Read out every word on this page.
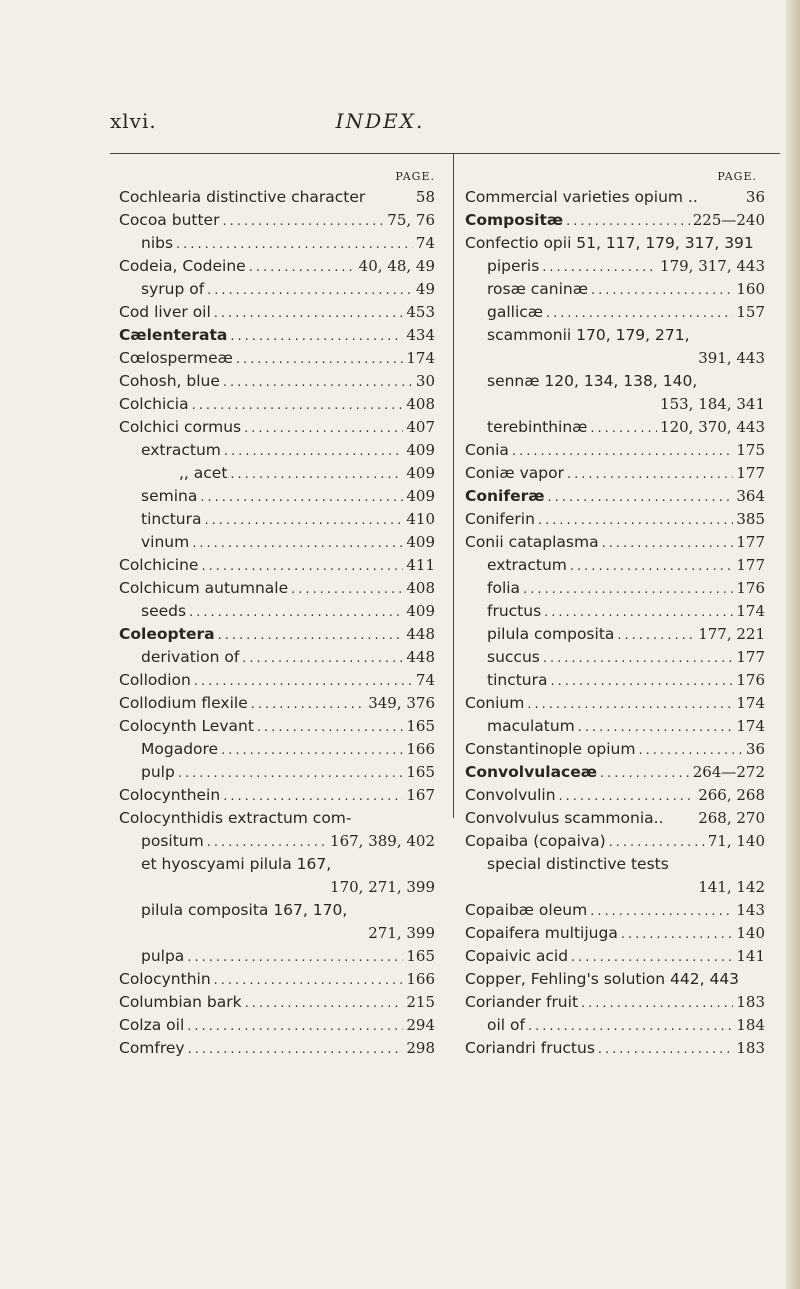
xlvi.	INDEX.
PAGE.
Cochlearia distinctive character	58
Cocoa butter .....	75, 76
nibs .....	74
Codeia, Codeine .....	40, 48, 49
syrup of .....	49
Cod liver oil .....	453
Cælenterata .....	434
Cœlospermeæ .....	174
Cohosh, blue .....	30
Colchicia .....	408
Colchici cormus .....	407
extractum .....	409
,, acet .....	409
semina .....	409
tinctura .....	410
vinum .....	409
Colchicine .....	411
Colchicum autumnale .....	408
seeds .....	409
Coleoptera .....	448
derivation of .....	448
Collodion .....	74
Collodium flexile .....	349, 376
Colocynth Levant .....	165
Mogadore .....	166
pulp .....	165
Colocynthein .....	167
Colocynthidis extractum com-
positum .....	167, 389, 402
et hyoscyami pilula 167,
170, 271, 399
pilula composita 167, 170,
271, 399
pulpa .....	165
Colocynthin .....	166
Columbian bark .....	215
Colza oil .....	294
Comfrey .....	298
PAGE.
Commercial varieties opium ..	36
Compositæ .....	225—240
Confectio opii 51, 117, 179, 317, 391
piperis .....	179, 317, 443
rosæ caninæ .....	160
gallicæ .....	157
scammonii 170, 179, 271,
391, 443
sennæ 120, 134, 138, 140,
153, 184, 341
terebinthinæ .....	120, 370, 443
Conia .....	175
Coniæ vapor .....	177
Coniferæ .....	364
Coniferin .....	385
Conii cataplasma .....	177
extractum .....	177
folia .....	176
fructus .....	174
pilula composita .....	177, 221
succus .....	177
tinctura .....	176
Conium .....	174
maculatum .....	174
Constantinople opium .....	36
Convolvulaceæ .....	264—272
Convolvulin .....	266, 268
Convolvulus scammonia.. 268, 270
Copaiba (copaiva) .....	71, 140
special distinctive tests
141, 142
Copaibæ oleum .....	143
Copaifera multijuga .....	140
Copaivic acid .....	141
Copper, Fehling's solution 442, 443
Coriander fruit .....	183
oil of .....	184
Coriandri fructus .....	183
